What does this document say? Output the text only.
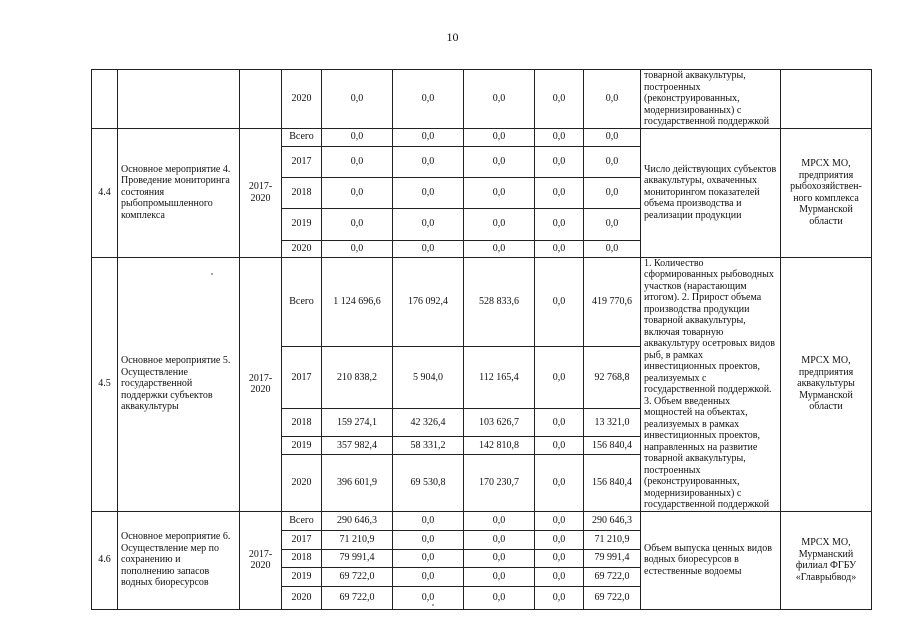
10
			2020	0,0	0,0	0,0	0,0	0,0	товарной аквакультуры, построенных (реконструированных, модернизированных) с государственной поддержкой	
4.4	Основное мероприятие 4. Проведение мониторинга состояния рыбопромышленного комплекса	2017-2020	Всего	0,0	0,0	0,0	0,0	0,0	Число действующих субъектов аквакультуры, охваченных мониторингом показателей объема производства и реализации продукции	МРСХ МО, предприятия рыбохозяйствен-ного комплекса Мурманской области
			2017	0,0	0,0	0,0	0,0	0,0		
			2018	0,0	0,0	0,0	0,0	0,0		
			2019	0,0	0,0	0,0	0,0	0,0		
			2020	0,0	0,0	0,0	0,0	0,0		
4.5	Основное мероприятие 5. Осуществление государственной поддержки субъектов аквакультуры	2017-2020	Всего	1 124 696,6	176 092,4	528 833,6	0,0	419 770,6	1. Количество сформированных рыбоводных участков (нарастающим итогом). 2. Прирост объема производства продукции товарной аквакультуры, включая товарную аквакультуру осетровых видов рыб, в рамках инвестиционных проектов, реализуемых с государственной поддержкой. 3. Объем введенных мощностей на объектах, реализуемых в рамках инвестиционных проектов, направленных на развитие товарной аквакультуры, построенных (реконструированных, модернизированных) с государственной поддержкой	МРСХ МО, предприятия аквакультуры Мурманской области
			2017	210 838,2	5 904,0	112 165,4	0,0	92 768,8		
			2018	159 274,1	42 326,4	103 626,7	0,0	13 321,0		
			2019	357 982,4	58 331,2	142 810,8	0,0	156 840,4		
			2020	396 601,9	69 530,8	170 230,7	0,0	156 840,4		
4.6	Основное мероприятие 6. Осуществление мер по сохранению и пополнению запасов водных биоресурсов	2017-2020	Всего	290 646,3	0,0	0,0	0,0	290 646,3	Объем выпуска ценных видов водных биоресурсов в естественные водоемы	МРСХ МО, Мурманский филиал ФГБУ «Главрыбвод»
			2017	71 210,9	0,0	0,0	0,0	71 210,9		
			2018	79 991,4	0,0	0,0	0,0	79 991,4		
			2019	69 722,0	0,0	0,0	0,0	69 722,0		
			2020	69 722,0	0,0	0,0	0,0	69 722,0		
